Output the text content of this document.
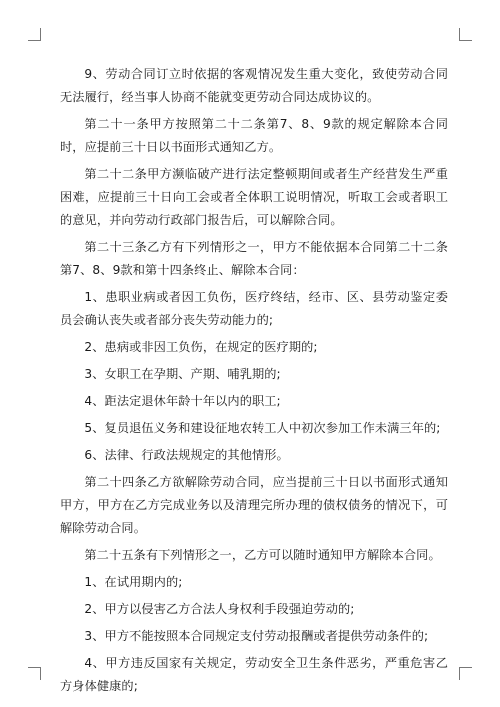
9、劳动合同订立时依据的客观情况发生重大变化，致使劳动合同无法履行，经当事人协商不能就变更劳动合同达成协议的。

第二十一条甲方按照第二十二条第7、8、9款的规定解除本合同时，应提前三十日以书面形式通知乙方。

第二十二条甲方濒临破产进行法定整顿期间或者生产经营发生严重困难，应提前三十日向工会或者全体职工说明情况，听取工会或者职工的意见，并向劳动行政部门报告后，可以解除合同。

第二十三条乙方有下列情形之一，甲方不能依据本合同第二十二条第7、8、9款和第十四条终止、解除本合同：

1、患职业病或者因工负伤，医疗终结，经市、区、县劳动鉴定委员会确认丧失或者部分丧失劳动能力的;

2、患病或非因工负伤，在规定的医疗期的;

3、女职工在孕期、产期、哺乳期的;

4、距法定退休年龄十年以内的职工;

5、复员退伍义务和建设征地农转工人中初次参加工作未满三年的;

6、法律、行政法规规定的其他情形。

第二十四条乙方欲解除劳动合同，应当提前三十日以书面形式通知甲方，甲方在乙方完成业务以及清理完所办理的债权债务的情况下，可解除劳动合同。

第二十五条有下列情形之一，乙方可以随时通知甲方解除本合同。

1、在试用期内的;

2、甲方以侵害乙方合法人身权利手段强迫劳动的;

3、甲方不能按照本合同规定支付劳动报酬或者提供劳动条件的;

4、甲方违反国家有关规定，劳动安全卫生条件恶劣，严重危害乙方身体健康的;
